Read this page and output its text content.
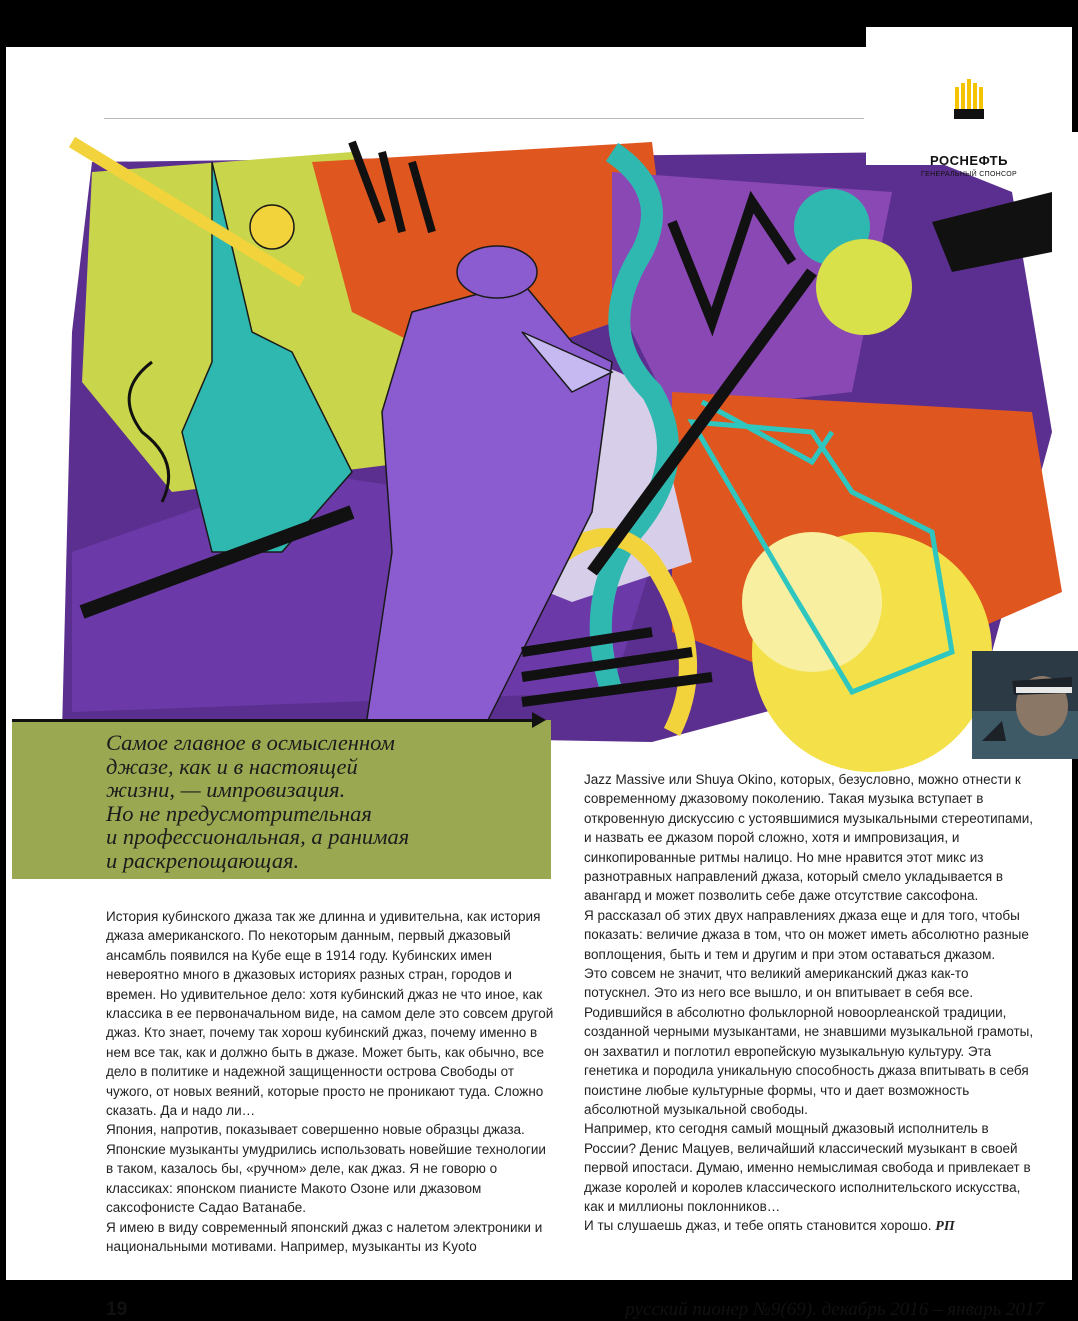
Самое главное в осмысленном
джазе, как и в настоящей
жизни, — импровизация.
Но не предусмотрительная
и профессиональная, а ранимая
и раскрепощающая.

История кубинского джаза так же длинна и удивительна, как история джаза американского. По некоторым данным, первый джазовый ансамбль появился на Кубе еще в 1914 году. Кубинских имен невероятно много в джазовых историях разных стран, городов и времен. Но удивительное дело: хотя кубинский джаз не что иное, как классика в ее первоначальном виде, на самом деле это совсем другой джаз. Кто знает, почему так хорош кубинский джаз, почему именно в нем все так, как и должно быть в джазе. Может быть, как обычно, все дело в политике и надежной защищенности острова Свободы от чужого, от новых веяний, которые просто не проникают туда. Сложно сказать. Да и надо ли…

Япония, напротив, показывает совершенно новые образцы джаза. Японские музыканты умудрились использовать новейшие технологии в таком, казалось бы, «ручном» деле, как джаз. Я не говорю о классиках: японском пианисте Макото Озоне или джазовом саксофонисте Садао Ватанабе.

Я имею в виду современный японский джаз с налетом электроники и национальными мотивами. Например, музыканты из Kyoto

Jazz Massive или Shuya Okino, которых, безусловно, можно отнести к современному джазовому поколению. Такая музыка вступает в откровенную дискуссию с устоявшимися музыкальными стереотипами, и назвать ее джазом порой сложно, хотя и импровизация, и синкопированные ритмы налицо. Но мне нравится этот микс из разнотравных направлений джаза, который смело укладывается в авангард и может позволить себе даже отсутствие саксофона.

Я рассказал об этих двух направлениях джаза еще и для того, чтобы показать: величие джаза в том, что он может иметь абсолютно разные воплощения, быть и тем и другим и при этом оставаться джазом.

Это совсем не значит, что великий американский джаз как-то потускнел. Это из него все вышло, и он впитывает в себя все. Родившийся в абсолютно фольклорной новоорлеанской традиции, созданной черными музыкантами, не знавшими музыкальной грамоты, он захватил и поглотил европейскую музыкальную культуру. Эта генетика и породила уникальную способность джаза впитывать в себя поистине любые культурные формы, что и дает возможность абсолютной музыкальной свободы.

Например, кто сегодня самый мощный джазовый исполнитель в России? Денис Мацуев, величайший классический музыкант в своей первой ипостаси. Думаю, именно немыслимая свобода и привлекает в джазе королей и королев классического исполнительского искусства, как и миллионы поклонников…

И ты слушаешь джаз, и тебе опять становится хорошо. РП

19	русский пионер №9(69). декабрь 2016 – январь 2017
РОСНЕФТЬ
ГЕНЕРАЛЬНЫЙ СПОНСОР
